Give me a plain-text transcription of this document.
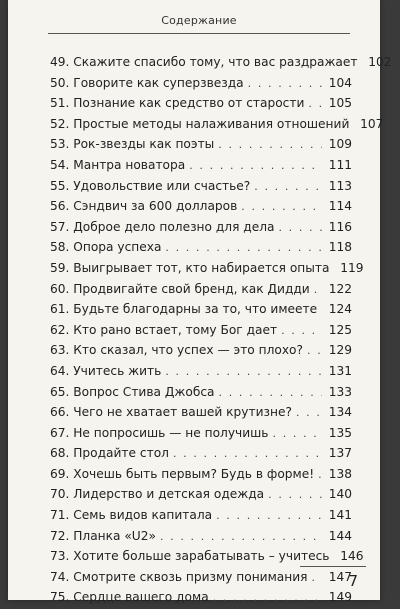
Содержание
49. Скажите спасибо тому, что вас раздражает 102
50. Говорите как суперзвезда . . .	104
51. Познание как средство от старости . . . 105
52. Простые методы налаживания отношений 107
53. Рок-звезды как поэты . . .	109
54. Мантра новатора . . .	111
55. Удовольствие или счастье? . . .	113
56. Сэндвич за 600 долларов . . .	114
57. Доброе дело полезно для дела . . .	116
58. Опора успеха . . .	118
59. Выигрывает тот, кто набирается опыта 119
60. Продвигайте свой бренд, как Дидди . . . 122
61. Будьте благодарны за то, что имеете . . . 124
62. Кто рано встает, тому Бог дает . . .	125
63. Кто сказал, что успех — это плохо? . . . 129
64. Учитесь жить . . .	131
65. Вопрос Стива Джобса . . .	133
66. Чего не хватает вашей крутизне? . . .	134
67. Не попросишь — не получишь . . .	135
68. Продайте стол . . .	137
69. Хочешь быть первым? Будь в форме! . . . 138
70. Лидерство и детская одежда . . .	140
71. Семь видов капитала . . .	141
72. Планка «U2» . . .	144
73. Хотите больше зарабатывать – учитесь 146
74. Смотрите сквозь призму понимания . . . 147
75. Сердце вашего дома . . .	149
7
